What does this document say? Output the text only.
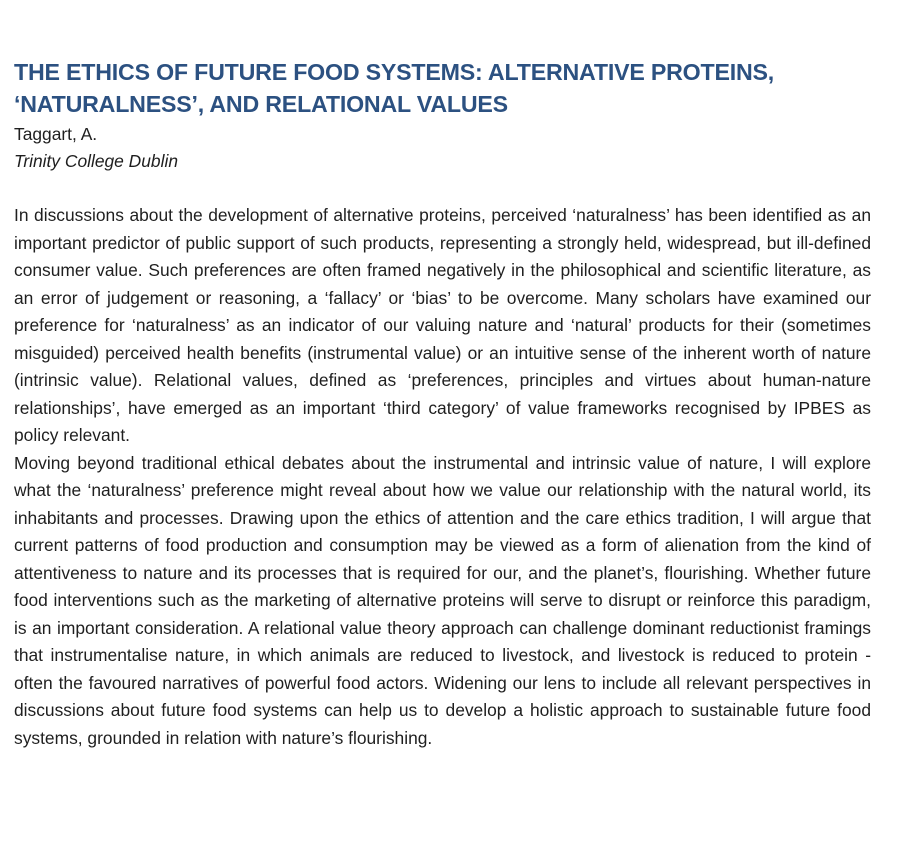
THE ETHICS OF FUTURE FOOD SYSTEMS: ALTERNATIVE PROTEINS,
‘NATURALNESS’, AND RELATIONAL VALUES
Taggart, A.
Trinity College Dublin

In discussions about the development of alternative proteins, perceived ‘naturalness’ has been identified as an important predictor of public support of such products, representing a strongly held, widespread, but ill-defined consumer value. Such preferences are often framed negatively in the philosophical and scientific literature, as an error of judgement or reasoning, a ‘fallacy’ or ‘bias’ to be overcome. Many scholars have examined our preference for ‘naturalness’ as an indicator of our valuing nature and ‘natural’ products for their (sometimes misguided) perceived health benefits (instrumental value) or an intuitive sense of the inherent worth of nature (intrinsic value). Relational values, defined as ‘preferences, principles and virtues about human-nature relationships’, have emerged as an important ‘third category’ of value frameworks recognised by IPBES as policy relevant.

Moving beyond traditional ethical debates about the instrumental and intrinsic value of nature, I will explore what the ‘naturalness’ preference might reveal about how we value our relationship with the natural world, its inhabitants and processes. Drawing upon the ethics of attention and the care ethics tradition, I will argue that current patterns of food production and consumption may be viewed as a form of alienation from the kind of attentiveness to nature and its processes that is required for our, and the planet’s, flourishing. Whether future food interventions such as the marketing of alternative proteins will serve to disrupt or reinforce this paradigm, is an important consideration. A relational value theory approach can challenge dominant reductionist framings that instrumentalise nature, in which animals are reduced to livestock, and livestock is reduced to protein - often the favoured narratives of powerful food actors. Widening our lens to include all relevant perspectives in discussions about future food systems can help us to develop a holistic approach to sustainable future food systems, grounded in relation with nature’s flourishing.
